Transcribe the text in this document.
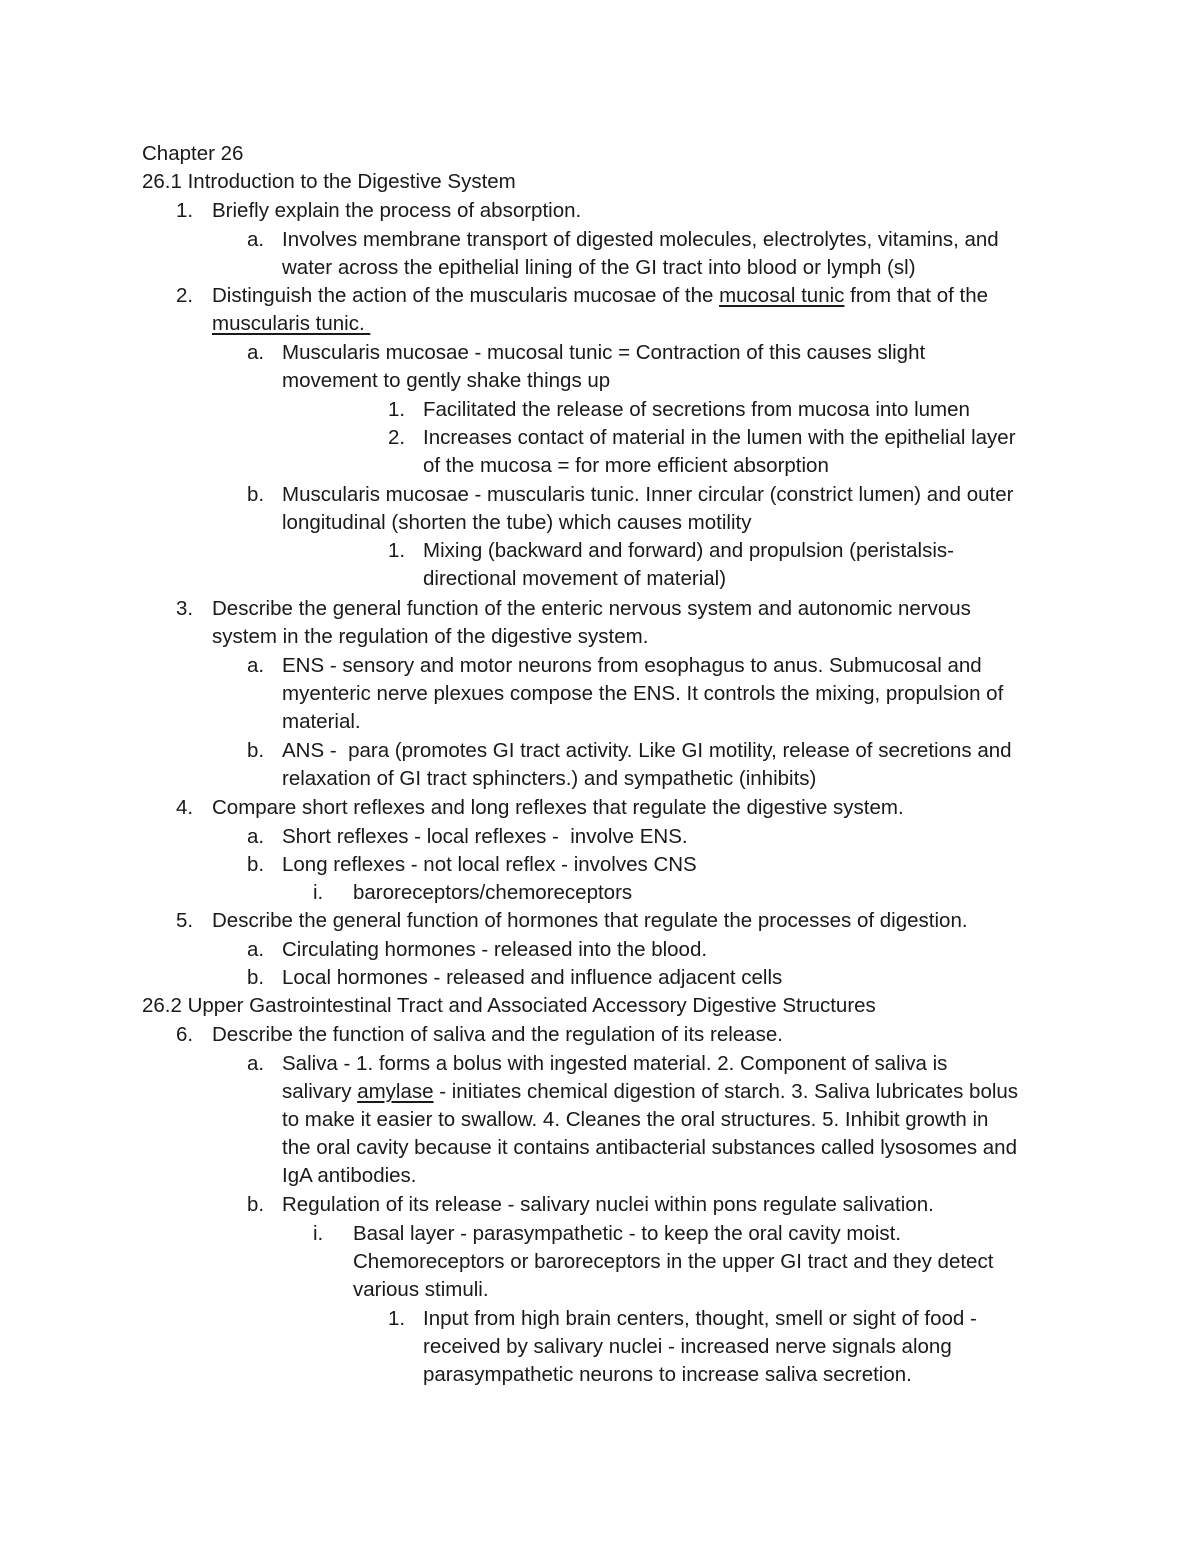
Chapter 26
26.1 Introduction to the Digestive System
1. Briefly explain the process of absorption.
a. Involves membrane transport of digested molecules, electrolytes, vitamins, and
water across the epithelial lining of the GI tract into blood or lymph (sl)
2. Distinguish the action of the muscularis mucosae of the mucosal tunic from that of the
muscularis tunic.
a. Muscularis mucosae - mucosal tunic = Contraction of this causes slight
movement to gently shake things up
1. Facilitated the release of secretions from mucosa into lumen
2. Increases contact of material in the lumen with the epithelial layer
of the mucosa = for more efficient absorption
b. Muscularis mucosae - muscularis tunic. Inner circular (constrict lumen) and outer
longitudinal (shorten the tube) which causes motility
1. Mixing (backward and forward) and propulsion (peristalsis-
directional movement of material)
3. Describe the general function of the enteric nervous system and autonomic nervous
system in the regulation of the digestive system.
a. ENS - sensory and motor neurons from esophagus to anus. Submucosal and
myenteric nerve plexues compose the ENS. It controls the mixing, propulsion of
material.
b. ANS -  para (promotes GI tract activity. Like GI motility, release of secretions and
relaxation of GI tract sphincters.) and sympathetic (inhibits)
4. Compare short reflexes and long reflexes that regulate the digestive system.
a. Short reflexes - local reflexes -  involve ENS.
b. Long reflexes - not local reflex - involves CNS
i. baroreceptors/chemoreceptors
5. Describe the general function of hormones that regulate the processes of digestion.
a. Circulating hormones - released into the blood.
b. Local hormones - released and influence adjacent cells
26.2 Upper Gastrointestinal Tract and Associated Accessory Digestive Structures
6. Describe the function of saliva and the regulation of its release.
a. Saliva - 1. forms a bolus with ingested material. 2. Component of saliva is
salivary amylase - initiates chemical digestion of starch. 3. Saliva lubricates bolus
to make it easier to swallow. 4. Cleanes the oral structures. 5. Inhibit growth in
the oral cavity because it contains antibacterial substances called lysosomes and
IgA antibodies.
b. Regulation of its release - salivary nuclei within pons regulate salivation.
i. Basal layer - parasympathetic - to keep the oral cavity moist.
Chemoreceptors or baroreceptors in the upper GI tract and they detect
various stimuli.
1. Input from high brain centers, thought, smell or sight of food -
received by salivary nuclei - increased nerve signals along
parasympathetic neurons to increase saliva secretion.
